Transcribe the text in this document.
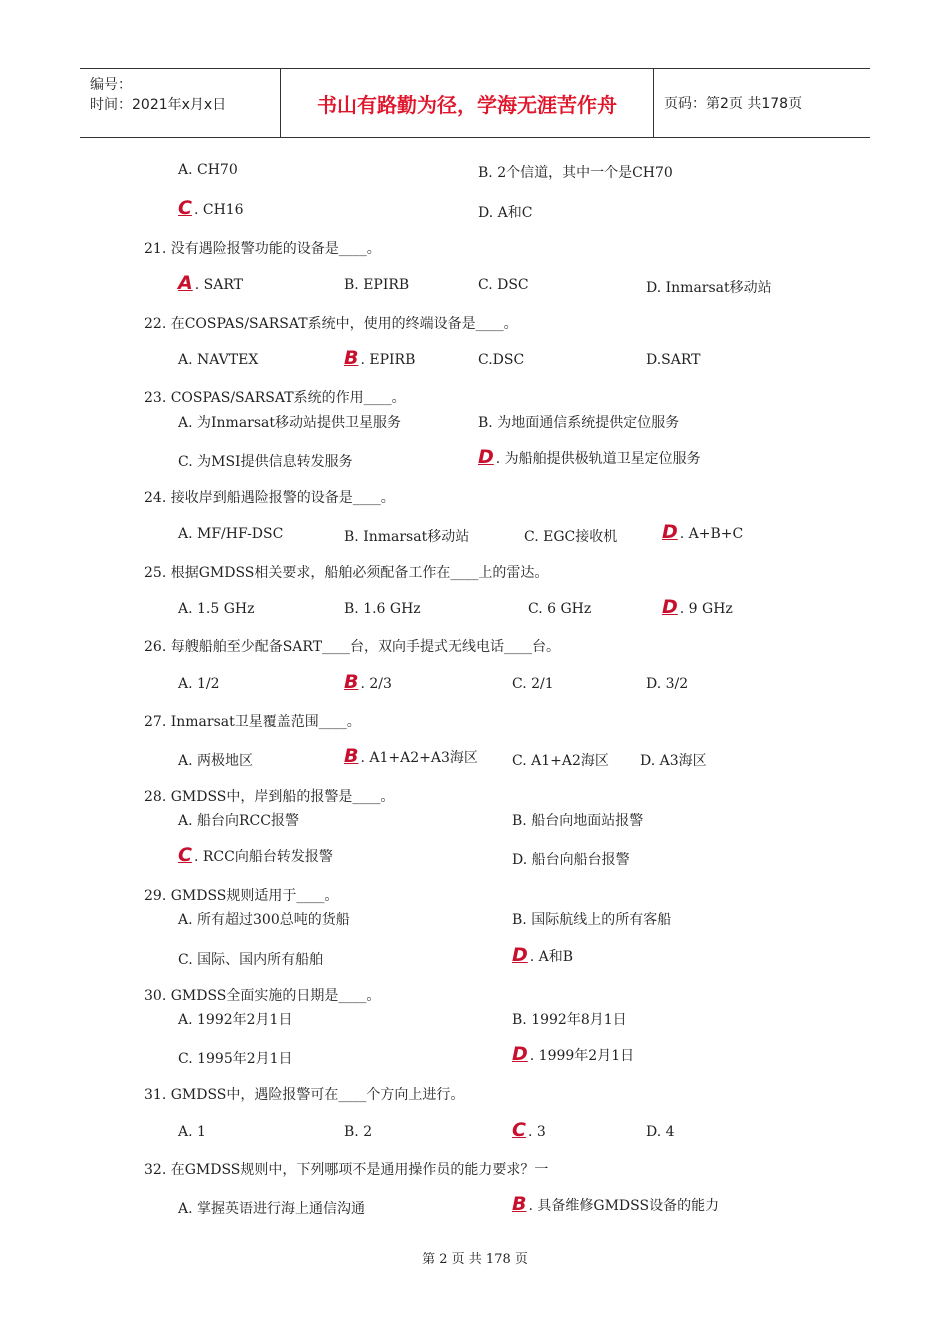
编号：
时间：2021年x月x日	书山有路勤为径，学海无涯苦作舟	页码：第2页 共178页
A. CH70	B. 2个信道，其中一个是CH70
C . CH16	D. A和C
21. 没有遇险报警功能的设备是____。
A . SART	B. EPIRB	C. DSC	D. Inmarsat移动站
22. 在COSPAS/SARSAT系统中，使用的终端设备是____。
A. NAVTEX	B . EPIRB	C.DSC	D.SART
23. COSPAS/SARSAT系统的作用____。
A. 为Inmarsat移动站提供卫星服务	B. 为地面通信系统提供定位服务
C. 为MSI提供信息转发服务	D . 为船舶提供极轨道卫星定位服务
24. 接收岸到船遇险报警的设备是____。
A. MF/HF-DSC	B. Inmarsat移动站	C. EGC接收机 D . A+B+C
25. 根据GMDSS相关要求，船舶必须配备工作在____上的雷达。
A. 1.5 GHz	B. 1.6 GHz	C. 6 GHz	D . 9 GHz
26. 每艘船舶至少配备SART____台，双向手提式无线电话____台。
A. 1/2	B . 2/3	C. 2/1	D. 3/2
27. Inmarsat卫星覆盖范围____。
A. 两极地区	B . A1+A2+A3海区 C. A1+A2海区 D. A3海区
28. GMDSS中，岸到船的报警是____。
A. 船台向RCC报警	B. 船台向地面站报警
C . RCC向船台转发报警	D. 船台向船台报警
29. GMDSS规则适用于____。
A. 所有超过300总吨的货船	B. 国际航线上的所有客船
C. 国际、国内所有船舶	D . A和B
30. GMDSS全面实施的日期是____。
A. 1992年2月1日	B. 1992年8月1日
C. 1995年2月1日	D . 1999年2月1日
31. GMDSS中，遇险报警可在____个方向上进行。
A. 1	B. 2	C . 3	D. 4
32. 在GMDSS规则中，下列哪项不是通用操作员的能力要求？一
A. 掌握英语进行海上通信沟通	B . 具备维修GMDSS设备的能力
第 2 页 共 178 页
